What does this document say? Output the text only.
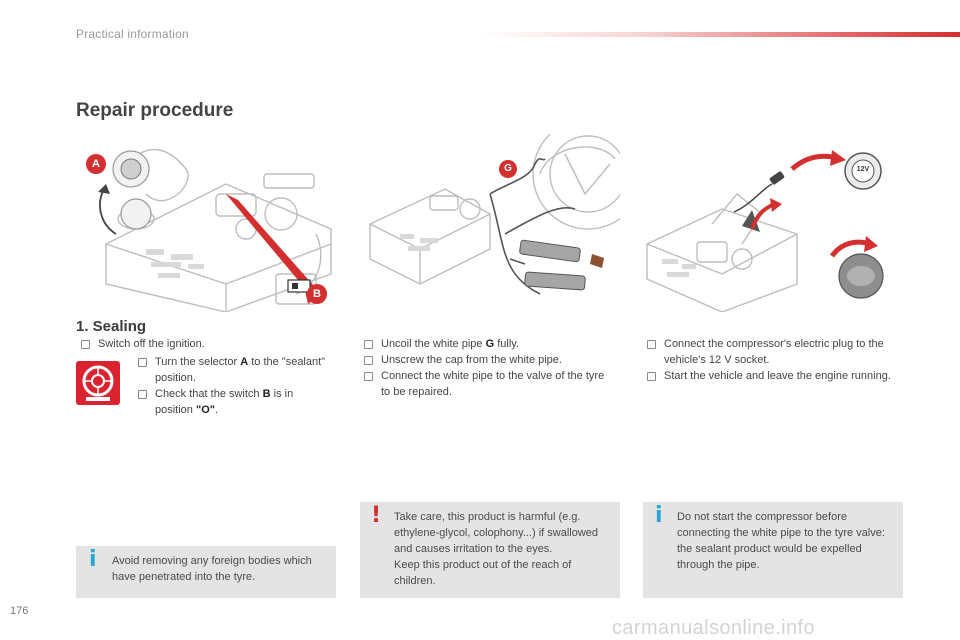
Practical information
Repair procedure
A
B
G	12V
1. Sealing
Switch off the ignition.
Turn the selector A to the "sealant" position.
Check that the switch B is in position "O".
Uncoil the white pipe G fully.
Unscrew the cap from the white pipe.
Connect the white pipe to the valve of the tyre to be repaired.
Connect the compressor's electric plug to the vehicle's 12 V socket.
Start the vehicle and leave the engine running.
i Avoid removing any foreign bodies which have penetrated into the tyre.
! Take care, this product is harmful (e.g. ethylene-glycol, colophony...) if swallowed and causes irritation to the eyes.
Keep this product out of the reach of children.
i Do not start the compressor before connecting the white pipe to the tyre valve: the sealant product would be expelled through the pipe.
176
carmanualsonline.info
